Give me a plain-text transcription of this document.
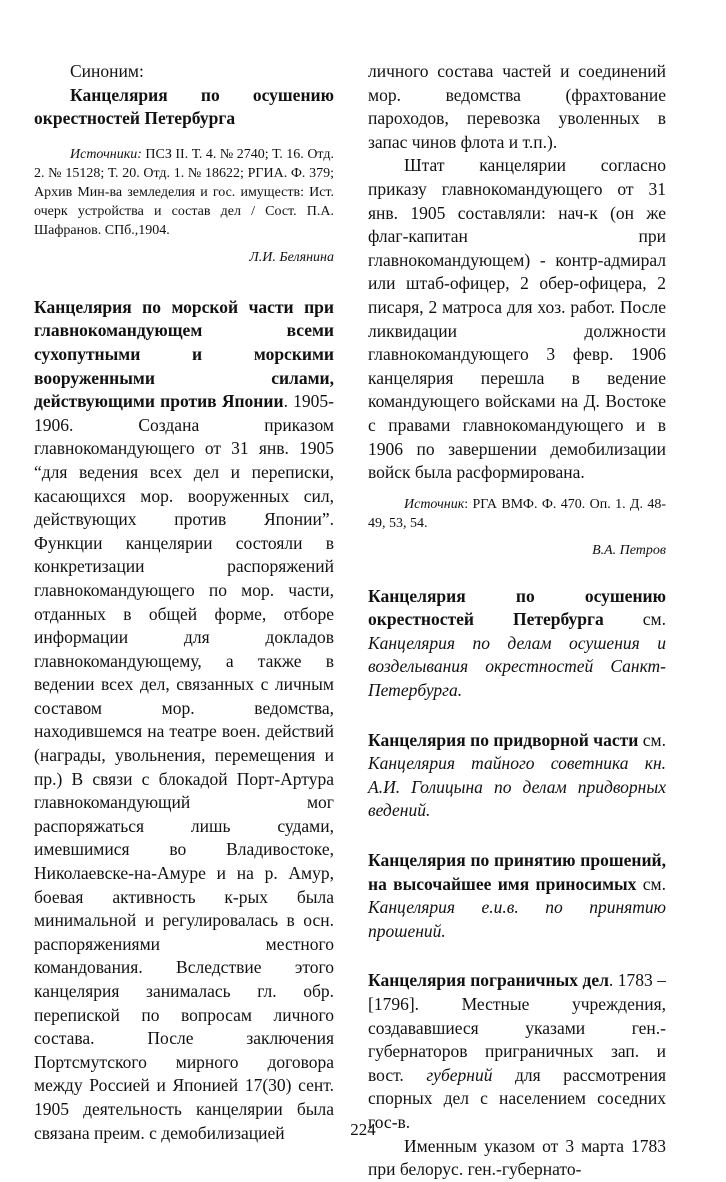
Синоним:

Канцелярия по осушению окрестностей Петербурга

Источники: ПСЗ II. Т. 4. № 2740; Т. 16. Отд. 2. № 15128; Т. 20. Отд. 1. № 18622; РГИА. Ф. 379; Архив Мин-ва земледелия и гос. имуществ: Ист. очерк устройства и состав дел / Сост. П.А. Шафранов. СПб.,1904.

Л.И. Белянина

Канцелярия по морской части при главнокомандующем всеми сухопутными и морскими вооруженными силами, действующими против Японии. 1905-1906. Создана приказом главнокомандующего от 31 янв. 1905 “для ведения всех дел и переписки, касающихся мор. вооруженных сил, действующих против Японии”. Функции канцелярии состояли в конкретизации распоряжений главнокомандующего по мор. части, отданных в общей форме, отборе информации для докладов главнокомандующему, а также в ведении всех дел, связанных с личным составом мор. ведомства, находившемся на театре воен. действий (награды, увольнения, перемещения и пр.) В связи с блокадой Порт-Артура главнокомандующий мог распоряжаться лишь судами, имевшимися во Владивостоке, Николаевске-на-Амуре и на р. Амур, боевая активность к-рых была минимальной и регулировалась в осн. распоряжениями местного командования. Вследствие этого канцелярия занималась гл. обр. перепиской по вопросам личного состава. После заключения Портсмутского мирного договора между Россией и Японией 17(30) сент. 1905 деятельность канцелярии была связана преим. с демобилизацией

личного состава частей и соединений мор. ведомства (фрахтование пароходов, перевозка уволенных в запас чинов флота и т.п.).

Штат канцелярии согласно приказу главнокомандующего от 31 янв. 1905 составляли: нач-к (он же флаг-капитан при главнокомандующем) - контр-адмирал или штаб-офицер, 2 обер-офицера, 2 писаря, 2 матроса для хоз. работ. После ликвидации должности главнокомандующего 3 февр. 1906 канцелярия перешла в ведение командующего войсками на Д. Востоке с правами главнокомандующего и в 1906 по завершении демобилизации войск была расформирована.

Источник: РГА ВМФ. Ф. 470. Оп. 1. Д. 48-49, 53, 54.

В.А. Петров

Канцелярия по осушению окрестностей Петербурга см. Канцелярия по делам осушения и возделывания окрестностей Санкт-Петербурга.

Канцелярия по придворной части см. Канцелярия тайного советника кн. А.И. Голицына по делам придворных ведений.

Канцелярия по принятию прошений, на высочайшее имя приносимых см. Канцелярия е.и.в. по принятию прошений.

Канцелярия пограничных дел. 1783 – [1796]. Местные учреждения, создававшиеся указами ген.-губернаторов приграничных зап. и вост. губерний для рассмотрения спорных дел с населением соседних гос-в.

Именным указом от 3 марта 1783 при белорус. ген.-губернато-

224
